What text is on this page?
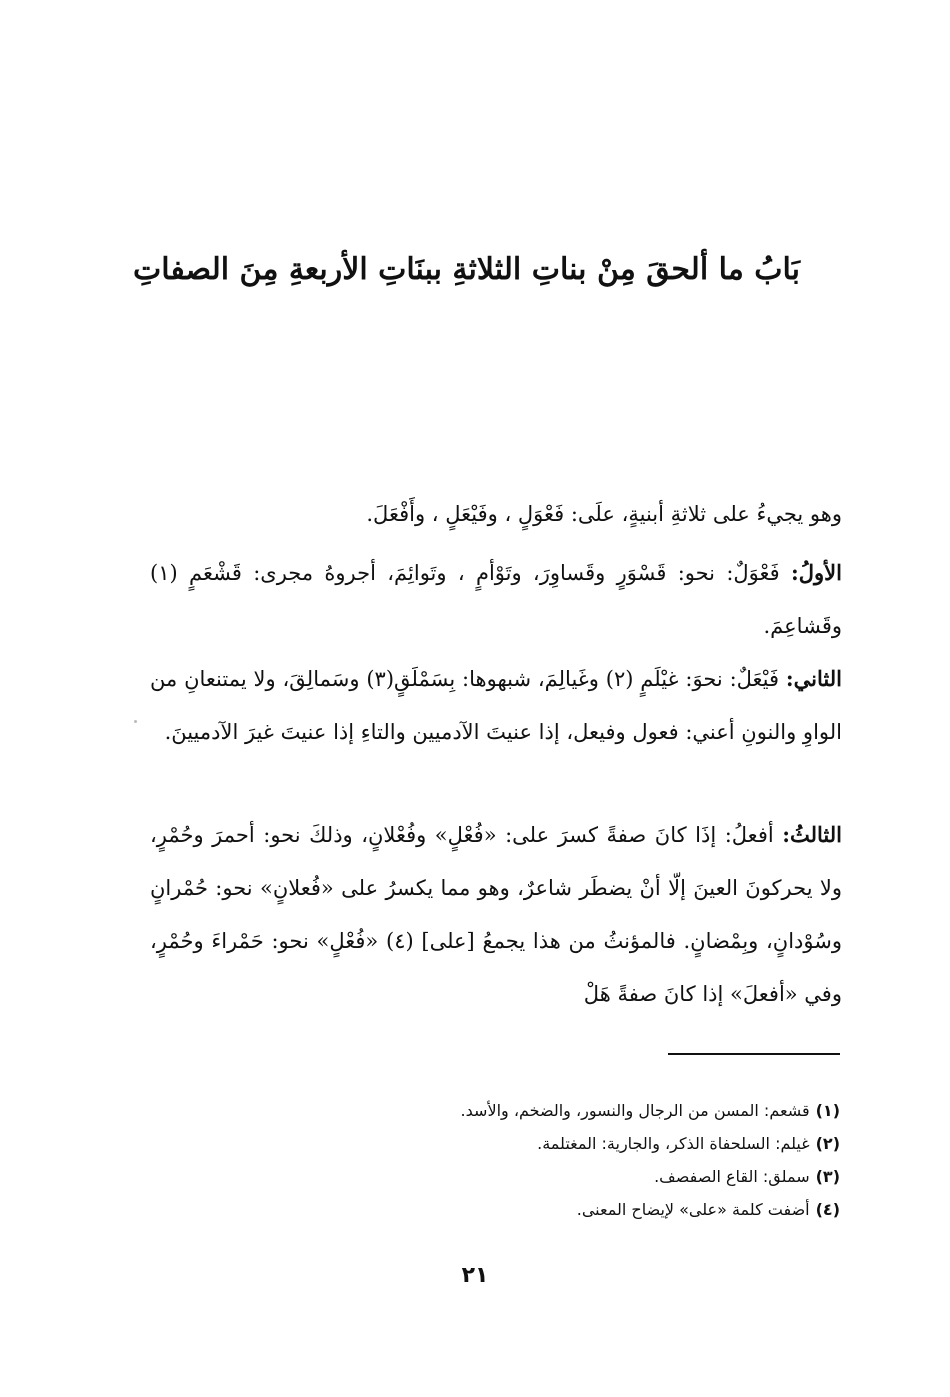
بَابُ ما ألحقَ مِنْ بناتِ الثلاثةِ ببنَاتِ الأربعةِ مِنَ الصفاتِ

وهو يجيءُ على ثلاثةِ أبنيةٍ، علَى: فَعْوَلٍ ، وفَيْعَلٍ ، وأَفْعَلَ.

الأولُ: فَعْوَلٌ: نحو: قَسْوَرٍ وقَساوِرَ، وتَوْأمٍ ، وتَوائِمَ، أجروهُ مجرى: قَشْعَمٍ (١) وقَشاعِمَ.

الثاني: فَيْعَلٌ: نحوَ: غيْلَمٍ (٢) وغَيالِمَ، شبهوها: بِسَمْلَقٍ(٣) وسَمالِقَ، ولا يمتنعانِ من الواوِ والنونِ أعني: فعول وفيعل، إذا عنيتَ الآدميين والتاءِ إذا عنيتَ غيرَ الآدميينَ.

الثالثُ: أفعلُ: إذَا كانَ صفةً كسرَ على: «فُعْلٍ» وفُعْلانٍ، وذلكَ نحو: أحمرَ وحُمْرٍ، ولا يحركونَ العينَ إلّا أنْ يضطَر شاعرٌ، وهو مما يكسرُ على «فُعلانٍ» نحو: حُمْرانٍ وسُوْدانٍ، وبِمْضانٍ. فالمؤنثُ من هذا يجمعُ [على] (٤) «فُعْلٍ» نحو: حَمْراءَ وحُمْرٍ، وفي «أفعلَ» إذا كانَ صفةً هَلْ

(١)قشعم: المسن من الرجال والنسور، والضخم، والأسد.
(٢)غيلم: السلحفاة الذكر، والجارية: المغتلمة.
(٣)سملق: القاع الصفصف.
(٤)أضفت كلمة «على» لإيضاح المعنى.
٢١
